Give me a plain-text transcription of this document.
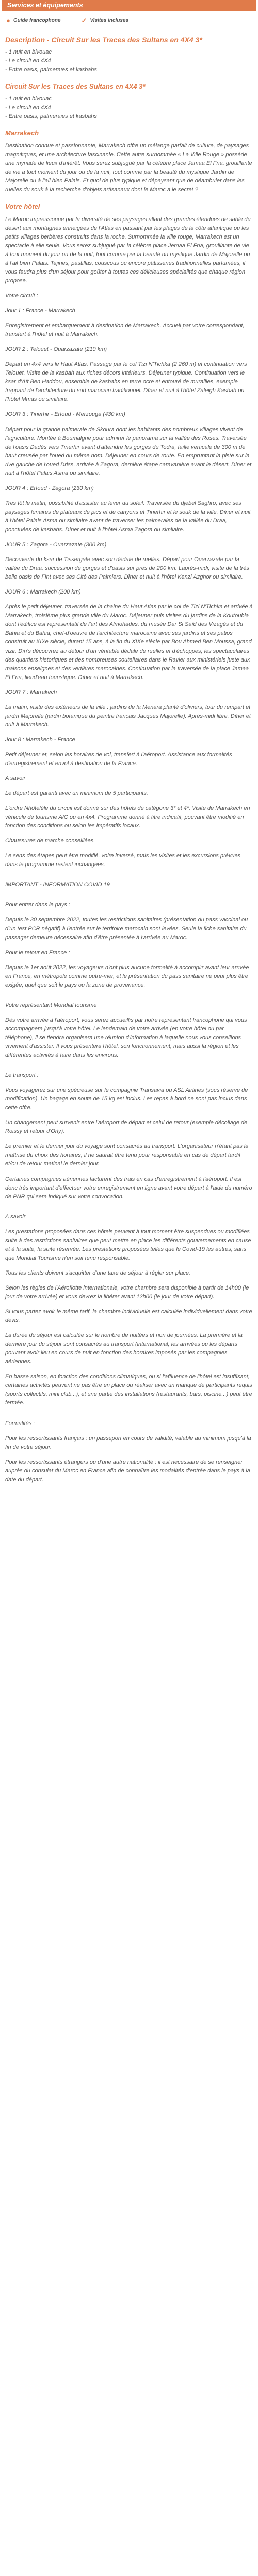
Services et équipements
● Guide francophone	✓ Visites incluses
Description - Circuit Sur les Traces des Sultans en 4X4 3*

- 1 nuit en bivouac

- Le circuit en 4X4

- Entre oasis, palmeraies et kasbahs

Circuit Sur les Traces des Sultans en 4X4 3*

- 1 nuit en bivouac

- Le circuit en 4X4

- Entre oasis, palmeraies et kasbahs

Marrakech

Destination connue et passionnante, Marrakech offre un mélange parfait de culture, de paysages magnifiques, et une architecture fascinante. Cette autre surnommée « La Ville Rouge » possède une myriade de lieux d'intérêt. Vous serez subjugué par la célèbre place Jemaa El Fna, grouillante de vie à tout moment du jour ou de la nuit, tout comme par la beauté du mystique Jardin de Majorelle ou à l'ail bien Palais. Et quoi de plus typique et dépaysant que de déambuler dans les ruelles du souk à la recherche d'objets artisanaux dont le Maroc a le secret ?

Votre hôtel

Le Maroc impressionne par la diversité de ses paysages allant des grandes étendues de sable du désert aux montagnes enneigées de l'Atlas en passant par les plages de la côte atlantique ou les petits villages berbères construits dans la roche. Surnommée la ville rouge, Marrakech est un spectacle à elle seule. Vous serez subjugué par la célèbre place Jemaa El Fna, grouillante de vie à tout moment du jour ou de la nuit, tout comme par la beauté du mystique Jardin de Majorelle ou à l'ail bien Palais. Tajines, pastillas, couscous ou encore pâtisseries traditionnelles parfumées, il vous faudra plus d'un séjour pour goûter à toutes ces délicieuses spécialités que chaque région propose.

Votre circuit :

Jour 1 : France - Marrakech

Enregistrement et embarquement à destination de Marrakech. Accueil par votre correspondant, transfert à l'hôtel et nuit à Marrakech.

JOUR 2 : Telouet - Ouarzazate (210 km)

Départ en 4x4 vers le Haut Atlas. Passage par le col Tizi N'Tichka (2 260 m) et continuation vers Telouet. Visite de la kasbah aux riches décors intérieurs. Déjeuner typique. Continuation vers le ksar d'Aït Ben Haddou, ensemble de kasbahs en terre ocre et entouré de murailles, exemple frappant de l'architecture du sud marocain traditionnel. Dîner et nuit à l'hôtel Zaleigh Kasbah ou l'hôtel Mmas ou similaire.

JOUR 3 : Tinerhir - Erfoud - Merzouga (430 km)

Départ pour la grande palmeraie de Skoura dont les habitants des nombreux villages vivent de l'agriculture. Montée à Boumalgne pour admirer le panorama sur la vallée des Roses. Traversée de l'oasis Dadès vers Tinerhir avant d'atteindre les gorges du Todra, faille verticale de 300 m de haut creusée par l'oued du même nom. Déjeuner en cours de route. En empruntant la piste sur la rive gauche de l'oued Driss, arrivée à Zagora, dernière étape caravanière avant le désert. Dîner et nuit à l'hôtel Palais Asma ou similaire.

JOUR 4 : Erfoud - Zagora (230 km)

Très tôt le matin, possibilité d'assister au lever du soleil. Traversée du djebel Saghro, avec ses paysages lunaires de plateaux de pics et de canyons et Tinerhir et le souk de la ville. Dîner et nuit à l'hôtel Palais Asma ou similaire avant de traverser les palmeraies de la vallée du Draa, ponctuées de kasbahs. Dîner et nuit à l'hôtel Asma Zagora ou similaire.

JOUR 5 : Zagora - Ouarzazate (300 km)

Découverte du ksar de Tissergate avec son dédale de ruelles. Départ pour Ouarzazate par la vallée du Draa, succession de gorges et d'oasis sur près de 200 km. Laprès-midi, visite de la très belle oasis de Fint avec ses Cité des Palmiers. Dîner et nuit à l'hôtel Kenzi Azghor ou similaire.

JOUR 6 : Marrakech (200 km)

Après le petit déjeuner, traversée de la chaîne du Haut Atlas par le col de Tizi N'Tichka et arrivée à Marrakech, troisième plus grande ville du Maroc. Déjeuner puis visites du jardins de la Koutoubia dont l'édifice est représentatif de l'art des Almohades, du musée Dar Si Saïd des Vizagés et du Bahia et du Bahia, chef-d'oeuvre de l'architecture marocaine avec ses jardins et ses patios construit au XIXe siècle, durant 15 ans, à la fin du XIXe siècle par Bou Ahmed Ben Moussa, grand vizir. Dîn's découvrez au détour d'un véritable dédale de ruelles et d'échoppes, les spectaculaires des quartiers historiques et des nombreuses coutellaires dans le Ravier aux ministériels juste aux maisons enseignes et des vertières marocaines. Continuation par la traversée de la place Jamaa El Fna, lieud'eau touristique. Dîner et nuit à Marrakech.

JOUR 7 : Marrakech

La matin, visite des extérieurs de la ville : jardins de la Menara planté d'oliviers, tour du rempart et jardin Majorelle (jardin botanique du peintre français Jacques Majorelle). Après-midi libre. Dîner et nuit à Marrakech.

Jour 8 : Marrakech - France

Petit déjeuner et, selon les horaires de vol, transfert à l'aéroport. Assistance aux formalités d'enregistrement et envol à destination de la France.

A savoir

Le départ est garanti avec un minimum de 5 participants.

L'ordre Nhôteléle du circuit est donné sur des hôtels de catégorie 3* et 4*. Visite de Marrakech en véhicule de tourisme A/C ou en 4x4. Programme donné à titre indicatif, pouvant être modifié en fonction des conditions ou selon les impératifs locaux.

Chaussures de marche conseillées.

Le sens des étapes peut être modifié, voire inversé, mais les visites et les excursions prévues dans le programme restent inchangées.

IMPORTANT - INFORMATION COVID 19

Pour entrer dans le pays :

Depuis le 30 septembre 2022, toutes les restrictions sanitaires (présentation du pass vaccinal ou d'un test PCR négatif) à l'entrée sur le territoire marocain sont levées. Seule la fiche sanitaire du passager demeure nécessaire afin d'être présentée à l'arrivée au Maroc.

Pour le retour en France :

Depuis le 1er août 2022, les voyageurs n'ont plus aucune formalité à accomplir avant leur arrivée en France, en métropole comme outre-mer, et le présentation du pass sanitaire ne peut plus être exigée, quel que soit le pays ou la zone de provenance.

Votre représentant Mondial tourisme

Dès votre arrivée à l'aéroport, vous serez accueillis par notre représentant francophone qui vous accompagnera jusqu'à votre hôtel. Le lendemain de votre arrivée (en votre hôtel ou par téléphone), il se tiendra organisera une réunion d'information à laquelle nous vous conseillons vivement d'assister. Il vous présentera l'hôtel, son fonctionnement, mais aussi la région et les différentes activités à faire dans les environs.

Le transport :

Vous voyagerez sur une spécieuse sur le compagnie Transavia ou ASL Airlines (sous réserve de modification). Un bagage en soute de 15 kg est inclus. Les repas à bord ne sont pas inclus dans cette offre.

Un changement peut survenir entre l'aéroport de départ et celui de retour (exemple décollage de Roissy et retour d'Orly).

Le premier et le dernier jour du voyage sont consacrés au transport. L'organisateur n'étant pas la maîtrise du choix des horaires, il ne saurait être tenu pour responsable en cas de départ tardif et/ou de retour matinal le dernier jour.

Certaines compagnies aériennes facturent des frais en cas d'enregistrement à l'aéroport. Il est donc très important d'effectuer votre enregistrement en ligne avant votre départ à l'aide du numéro de PNR qui sera indiqué sur votre convocation.

A savoir

Les prestations proposées dans ces hôtels peuvent à tout moment être suspendues ou modifiées suite à des restrictions sanitaires que peut mettre en place les différents gouvernements en cause et à la suite, la suite réservée. Les prestations proposées telles que le Covid-19 les autres, sans que Mondial Tourisme n'en soit tenu responsable.

Tous les clients doivent s'acquitter d'une taxe de séjour à régler sur place.

Selon les règles de l'Aéroflotte internationale, votre chambre sera disponible à partir de 14h00 (le jour de votre arrivée) et vous devrez la libérer avant 12h00 (le jour de votre départ).

Si vous partez avoir le même tarif, la chambre individuelle est calculée individuellement dans votre devis.

La durée du séjour est calculée sur le nombre de nuitées et non de journées. La première et la dernière jour du séjour sont consacrés au transport (international, les arrivées ou les départs pouvant avoir lieu en cours de nuit en fonction des horaires imposés par les compagnies aériennes.

En basse saison, en fonction des conditions climatiques, ou si l'affluence de l'hôtel est insuffisant, certaines activités peuvent ne pas être en place ou réaliser avec un manque de participants requis (sports collectifs, mini club...), et une partie des installations (restaurants, bars, piscine...) peut être fermée.

Formalités :

Pour les ressortissants français : un passeport en cours de validité, valable au minimum jusqu'à la fin de votre séjour.

Pour les ressortissants étrangers ou d'une autre nationalité : il est nécessaire de se renseigner auprès du consulat du Maroc en France afin de connaître les modalités d'entrée dans le pays à la date du départ.
